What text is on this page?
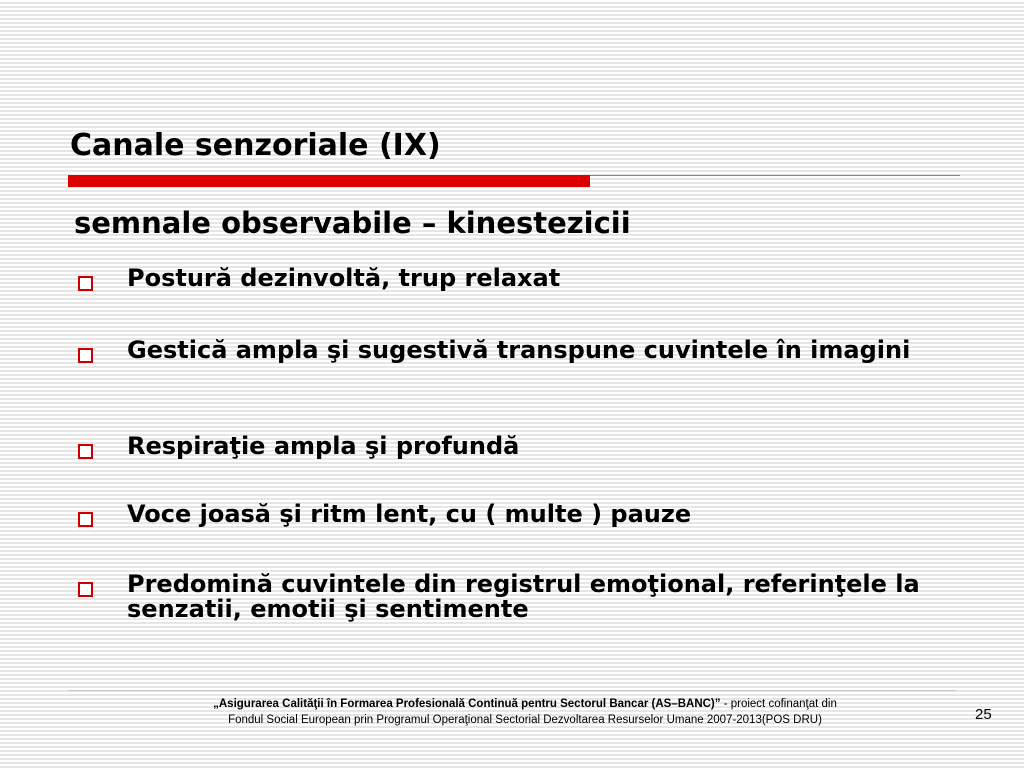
Canale senzoriale (IX)
semnale observabile – kinestezicii
Postură dezinvoltă, trup relaxat
Gestică ampla şi sugestivă transpune cuvintele în imagini
Respiraţie ampla şi profundă
Voce joasă şi ritm lent, cu ( multe ) pauze
Predomină cuvintele din registrul emoţional, referinţele la senzatii, emotii şi sentimente
„Asigurarea Calităţii în Formarea Profesională Continuă pentru Sectorul Bancar (AS–BANC)” - proiect cofinanţat din
Fondul Social European prin Programul Operaţional Sectorial Dezvoltarea Resurselor Umane 2007-2013(POS DRU)	25
